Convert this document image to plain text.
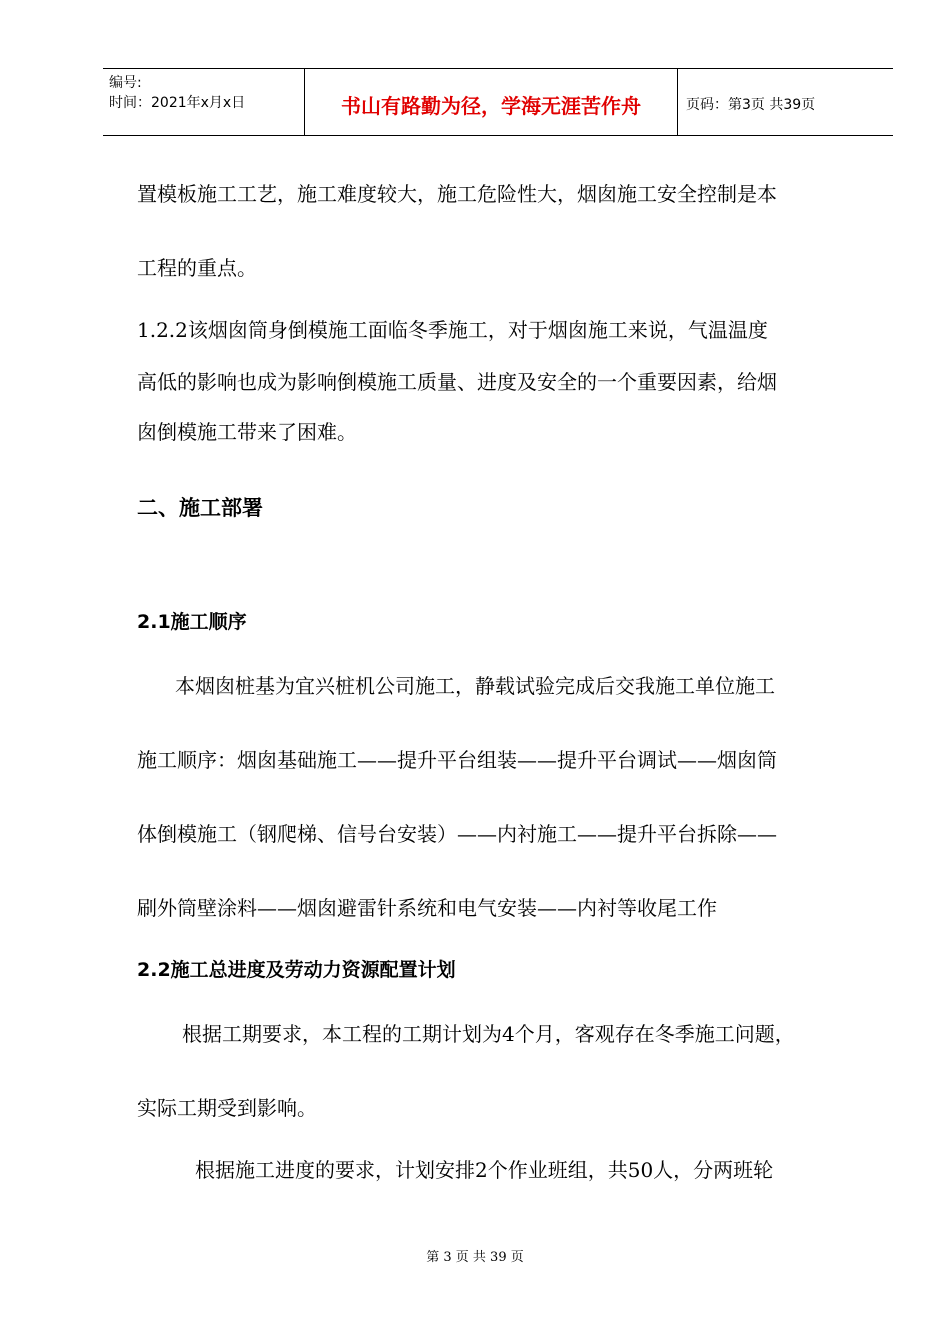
编号:
时间：2021年x月x日	书山有路勤为径，学海无涯苦作舟	页码：第3页 共39页
置模板施工工艺，施工难度较大，施工危险性大，烟囱施工安全控制是本
工程的重点。
1.2.2该烟囱筒身倒模施工面临冬季施工，对于烟囱施工来说，气温温度
高低的影响也成为影响倒模施工质量、进度及安全的一个重要因素，给烟
囱倒模施工带来了困难。
二、施工部署
2.1施工顺序
本烟囱桩基为宜兴桩机公司施工，静载试验完成后交我施工单位施工
施工顺序：烟囱基础施工——提升平台组装——提升平台调试——烟囱筒
体倒模施工（钢爬梯、信号台安装）——内衬施工——提升平台拆除——
刷外筒壁涂料——烟囱避雷针系统和电气安装——内衬等收尾工作
2.2施工总进度及劳动力资源配置计划
根据工期要求，本工程的工期计划为4个月，客观存在冬季施工问题，
实际工期受到影响。
根据施工进度的要求，计划安排2个作业班组，共50人，分两班轮
第 3 页 共 39 页
